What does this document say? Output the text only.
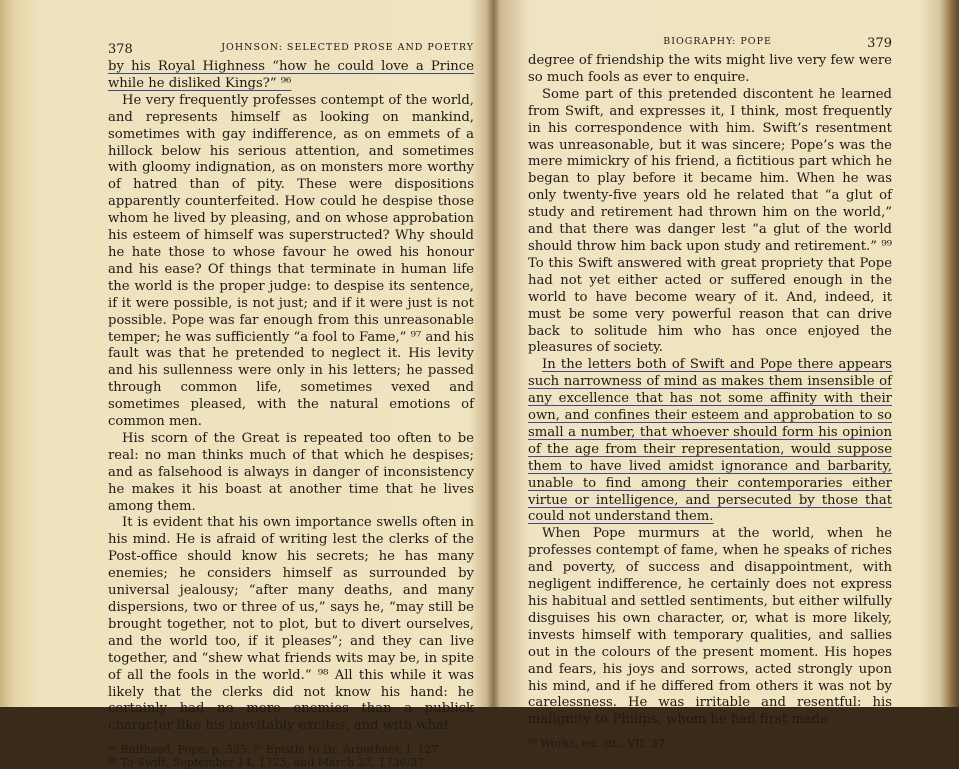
378	JOHNSON: SELECTED PROSE AND POETRY

by his Royal Highness “how he could love a Prince while he disliked Kings?” ⁹⁶

He very frequently professes contempt of the world, and represents himself as looking on mankind, sometimes with gay indifference, as on emmets of a hillock below his serious attention, and sometimes with gloomy indignation, as on monsters more worthy of hatred than of pity. These were dispositions apparently counterfeited. How could he despise those whom he lived by pleasing, and on whose approbation his esteem of himself was superstructed? Why should he hate those to whose favour he owed his honour and his ease? Of things that terminate in human life the world is the proper judge: to despise its sentence, if it were possible, is not just; and if it were just is not possible. Pope was far enough from this unreasonable temper; he was sufficiently “a fool to Fame,” ⁹⁷ and his fault was that he pretended to neglect it. His levity and his sullenness were only in his letters; he passed through common life, sometimes vexed and sometimes pleased, with the natural emotions of common men.

His scorn of the Great is repeated too often to be real: no man thinks much of that which he despises; and as falsehood is always in danger of inconsistency he makes it his boast at another time that he lives among them.

It is evident that his own importance swells often in his mind. He is afraid of writing lest the clerks of the Post-office should know his secrets; he has many enemies; he considers himself as surrounded by universal jealousy; “after many deaths, and many dispersions, two or three of us,” says he, “may still be brought together, not to plot, but to divert ourselves, and the world too, if it pleases”; and they can live together, and “shew what friends wits may be, in spite of all the fools in the world.” ⁹⁸ All this while it was likely that the clerks did not know his hand: he certainly had no more enemies than a publick character like his inevitably excites, and with what

⁹⁶ Ruffhead, Pope, p. 535. ⁹⁷ Epistle to Dr. Arbuthnot, l. 127.
⁹⁸ To Swift, September 14, 1725, and March 23, 1736/37.
BIOGRAPHY: POPE	379

degree of friendship the wits might live very few were so much fools as ever to enquire.

Some part of this pretended discontent he learned from Swift, and expresses it, I think, most frequently in his correspondence with him. Swift’s resentment was unreasonable, but it was sincere; Pope’s was the mere mimickry of his friend, a fictitious part which he began to play before it became him. When he was only twenty-five years old he related that “a glut of study and retirement had thrown him on the world,” and that there was danger lest “a glut of the world should throw him back upon study and retirement.” ⁹⁹ To this Swift answered with great propriety that Pope had not yet either acted or suffered enough in the world to have become weary of it. And, indeed, it must be some very powerful reason that can drive back to solitude him who has once enjoyed the pleasures of society.

In the letters both of Swift and Pope there appears such narrowness of mind as makes them insensible of any excellence that has not some affinity with their own, and confines their esteem and approbation to so small a number, that whoever should form his opinion of the age from their representation, would suppose them to have lived amidst ignorance and barbarity, unable to find among their contemporaries either virtue or intelligence, and persecuted by those that could not understand them.

When Pope murmurs at the world, when he professes contempt of fame, when he speaks of riches and poverty, of success and disappointment, with negligent indifference, he certainly does not express his habitual and settled sentiments, but either wilfully disguises his own character, or, what is more likely, invests himself with temporary qualities, and sallies out in the colours of the present moment. His hopes and fears, his joys and sorrows, acted strongly upon his mind, and if he differed from others it was not by carelessness. He was irritable and resentful: his malignity to Philips, whom he had first made

⁹⁹ Works, ed. cit., VII, 37.
